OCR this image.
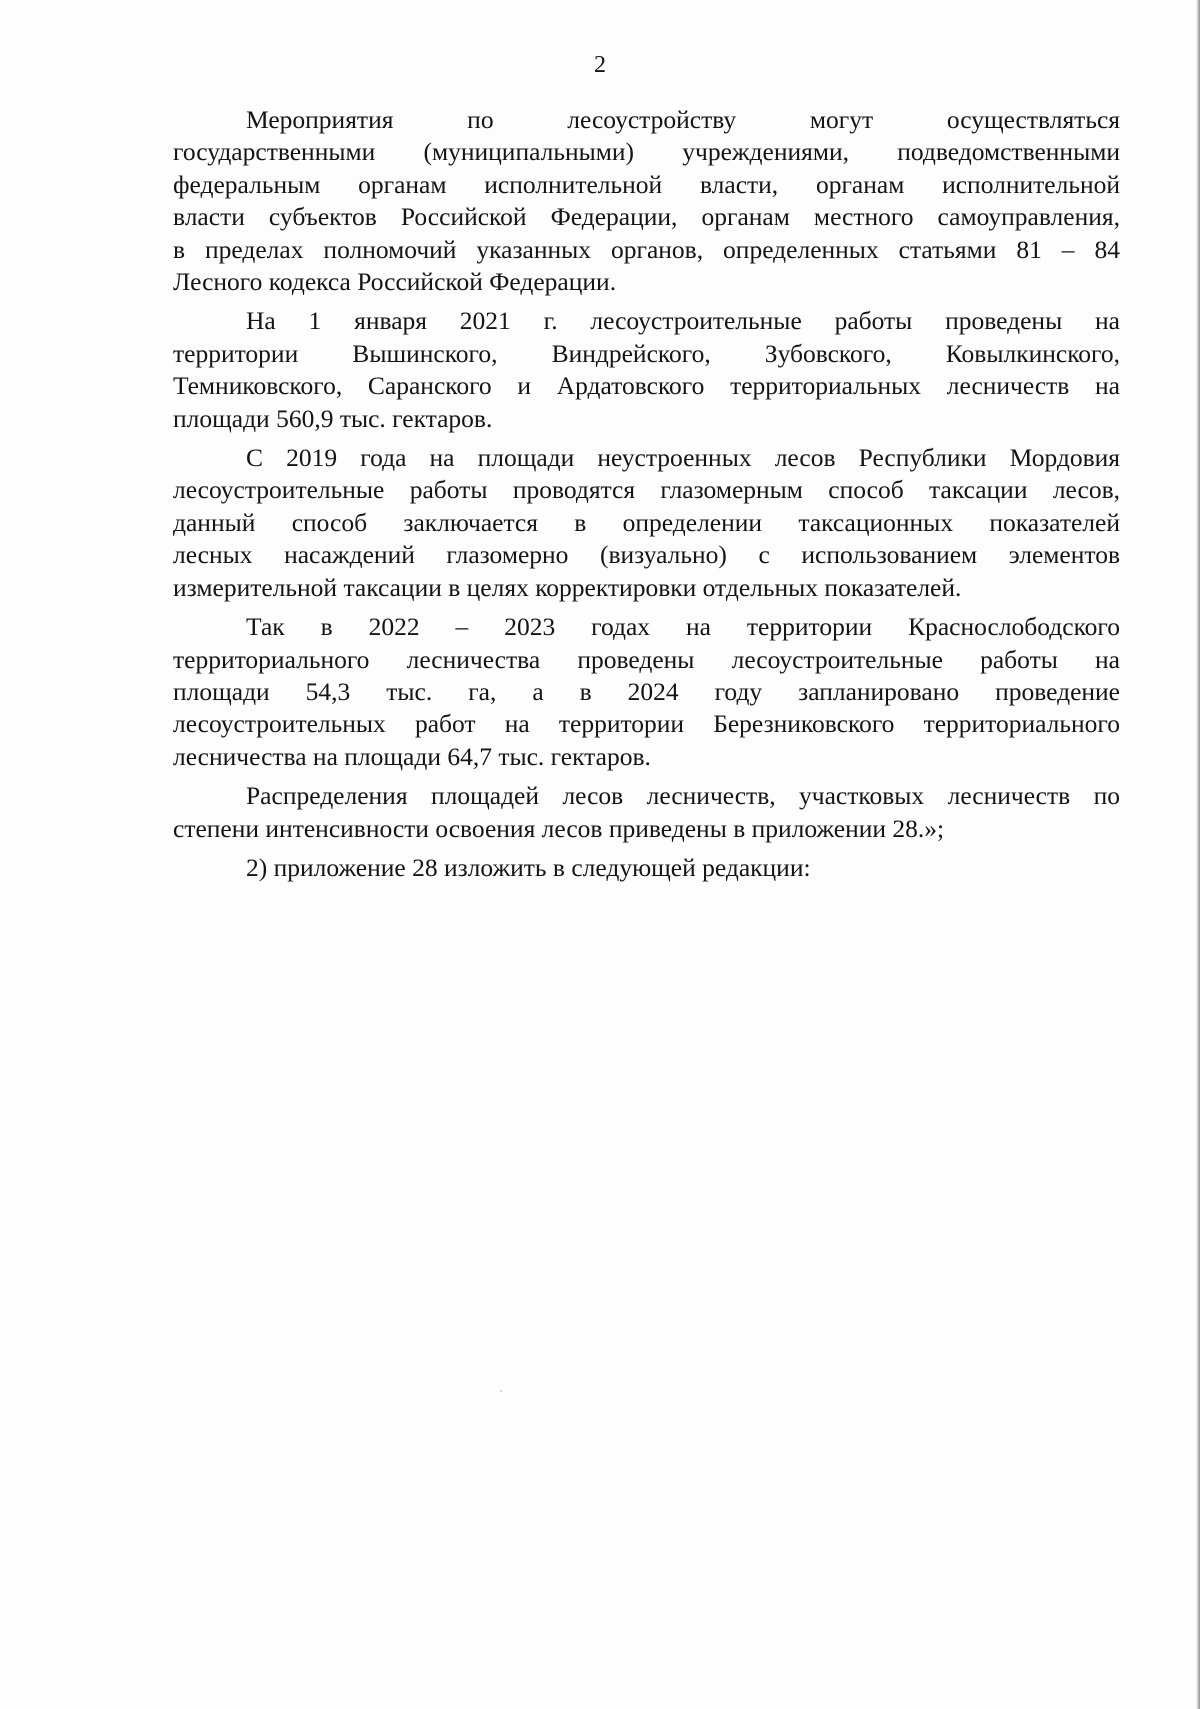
2

Мероприятия по лесоустройству могут осуществляться
государственными (муниципальными) учреждениями, подведомственными
федеральным органам исполнительной власти, органам исполнительной
власти субъектов Российской Федерации, органам местного самоуправления,
в пределах полномочий указанных органов, определенных статьями 81 – 84
Лесного кодекса Российской Федерации.

На 1 января 2021 г. лесоустроительные работы проведены на
территории Вышинского, Виндрейского, Зубовского, Ковылкинского,
Темниковского, Саранского и Ардатовского территориальных лесничеств на
площади 560,9 тыс. гектаров.

С 2019 года на площади неустроенных лесов Республики Мордовия
лесоустроительные работы проводятся глазомерным способ таксации лесов,
данный способ заключается в определении таксационных показателей
лесных насаждений глазомерно (визуально) с использованием элементов
измерительной таксации в целях корректировки отдельных показателей.

Так в 2022 – 2023 годах на территории Краснослободского
территориального лесничества проведены лесоустроительные работы на
площади 54,3 тыс. га, а в 2024 году запланировано проведение
лесоустроительных работ на территории Березниковского территориального
лесничества на площади 64,7 тыс. гектаров.

Распределения площадей лесов лесничеств, участковых лесничеств по
степени интенсивности освоения лесов приведены в приложении 28.»;

2) приложение 28 изложить в следующей редакции:
